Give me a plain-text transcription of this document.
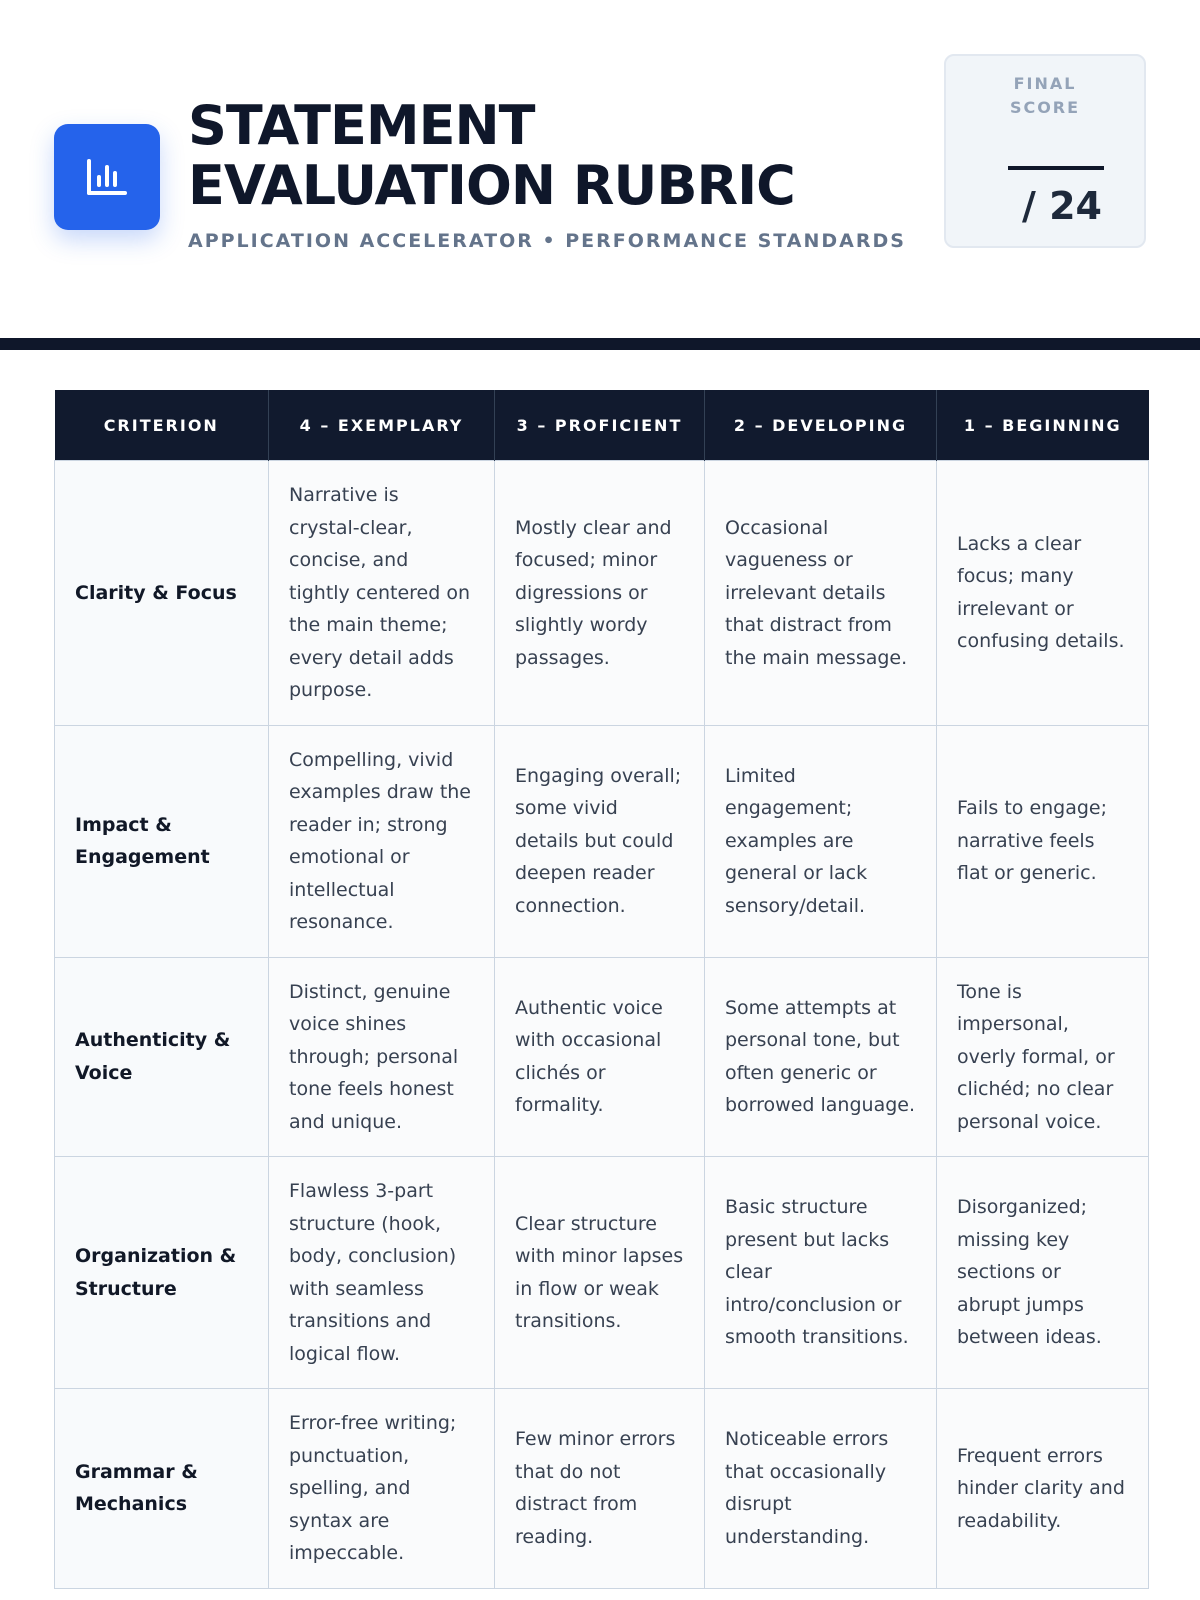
STATEMENT
EVALUATION RUBRIC
APPLICATION ACCELERATOR • PERFORMANCE STANDARDS
FINAL
SCORE
/ 24
CRITERION	4 – EXEMPLARY	3 – PROFICIENT	2 – DEVELOPING	1 – BEGINNING
Clarity & Focus	Narrative is crystal-clear, concise, and tightly centered on the main theme; every detail adds purpose.	Mostly clear and focused; minor digressions or slightly wordy passages.	Occasional vagueness or irrelevant details that distract from the main message.	Lacks a clear focus; many irrelevant or confusing details.
Impact & Engagement	Compelling, vivid examples draw the reader in; strong emotional or intellectual resonance.	Engaging overall; some vivid details but could deepen reader connection.	Limited engagement; examples are general or lack sensory/detail.	Fails to engage; narrative feels flat or generic.
Authenticity & Voice	Distinct, genuine voice shines through; personal tone feels honest and unique.	Authentic voice with occasional clichés or formality.	Some attempts at personal tone, but often generic or borrowed language.	Tone is impersonal, overly formal, or clichéd; no clear personal voice.
Organization & Structure	Flawless 3-part structure (hook, body, conclusion) with seamless transitions and logical flow.	Clear structure with minor lapses in flow or weak transitions.	Basic structure present but lacks clear intro/conclusion or smooth transitions.	Disorganized; missing key sections or abrupt jumps between ideas.
Grammar & Mechanics	Error-free writing; punctuation, spelling, and syntax are impeccable.	Few minor errors that do not distract from reading.	Noticeable errors that occasionally disrupt understanding.	Frequent errors hinder clarity and readability.
